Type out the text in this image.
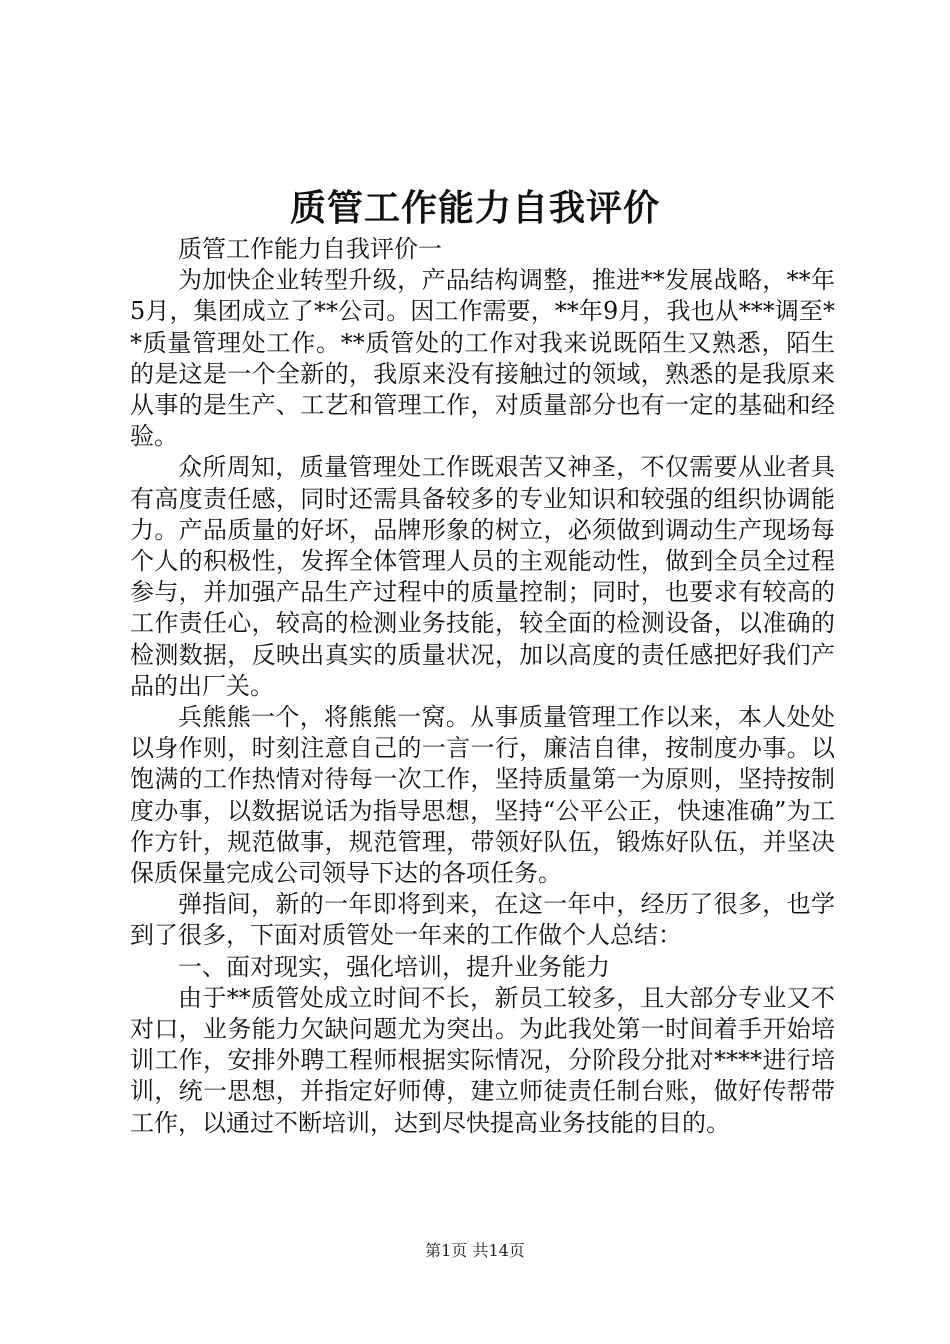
质管工作能力自我评价

质管工作能力自我评价一

为加快企业转型升级，产品结构调整，推进**发展战略，**年5月，集团成立了**公司。因工作需要，**年9月，我也从***调至**质量管理处工作。**质管处的工作对我来说既陌生又熟悉，陌生的是这是一个全新的，我原来没有接触过的领域，熟悉的是我原来从事的是生产、工艺和管理工作，对质量部分也有一定的基础和经验。

众所周知，质量管理处工作既艰苦又神圣，不仅需要从业者具有高度责任感，同时还需具备较多的专业知识和较强的组织协调能力。产品质量的好坏，品牌形象的树立，必须做到调动生产现场每个人的积极性，发挥全体管理人员的主观能动性，做到全员全过程参与，并加强产品生产过程中的质量控制；同时，也要求有较高的工作责任心，较高的检测业务技能，较全面的检测设备，以准确的检测数据，反映出真实的质量状况，加以高度的责任感把好我们产品的出厂关。

兵熊熊一个，将熊熊一窝。从事质量管理工作以来，本人处处以身作则，时刻注意自己的一言一行，廉洁自律，按制度办事。以饱满的工作热情对待每一次工作，坚持质量第一为原则，坚持按制度办事，以数据说话为指导思想，坚持“公平公正，快速准确”为工作方针，规范做事，规范管理，带领好队伍，锻炼好队伍，并坚决保质保量完成公司领导下达的各项任务。

弹指间，新的一年即将到来，在这一年中，经历了很多，也学到了很多，下面对质管处一年来的工作做个人总结：

一、面对现实，强化培训，提升业务能力

由于**质管处成立时间不长，新员工较多，且大部分专业又不对口，业务能力欠缺问题尤为突出。为此我处第一时间着手开始培训工作，安排外聘工程师根据实际情况，分阶段分批对****进行培训，统一思想，并指定好师傅，建立师徒责任制台账，做好传帮带工作，以通过不断培训，达到尽快提高业务技能的目的。

第1页 共14页
